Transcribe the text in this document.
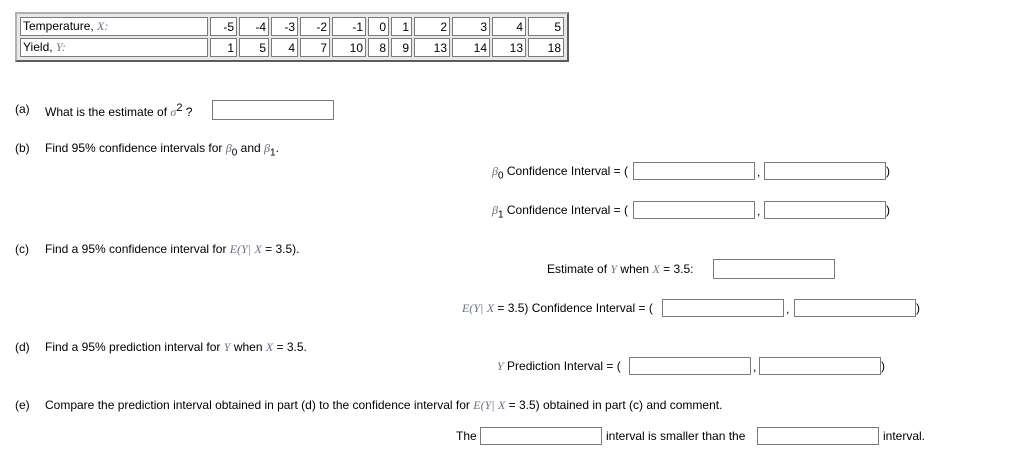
Temperature, X:	-5	-4	-3	-2	-1	0	1	2	3	4	5
Yield, Y:	1	5	4	7	10	8	9	13	14	13	18
(a) What is the estimate of $\sigma^2$ ?
(b) Find 95% confidence intervals for $\beta_0$ and $\beta_1$.
$\beta_0$ Confidence Interval = (	,	)
$\beta_1$ Confidence Interval = (	,	)
(c) Find a 95% confidence interval for E(Y| X = 3.5).
Estimate of Y when X = 3.5:
E(Y| X = 3.5) Confidence Interval = (	,	)
(d) Find a 95% prediction interval for Y when X = 3.5.
Y Prediction Interval = (	,	)
(e) Compare the prediction interval obtained in part (d) to the confidence interval for E(Y| X = 3.5) obtained in part (c) and comment.
The	interval is smaller than the	interval.
